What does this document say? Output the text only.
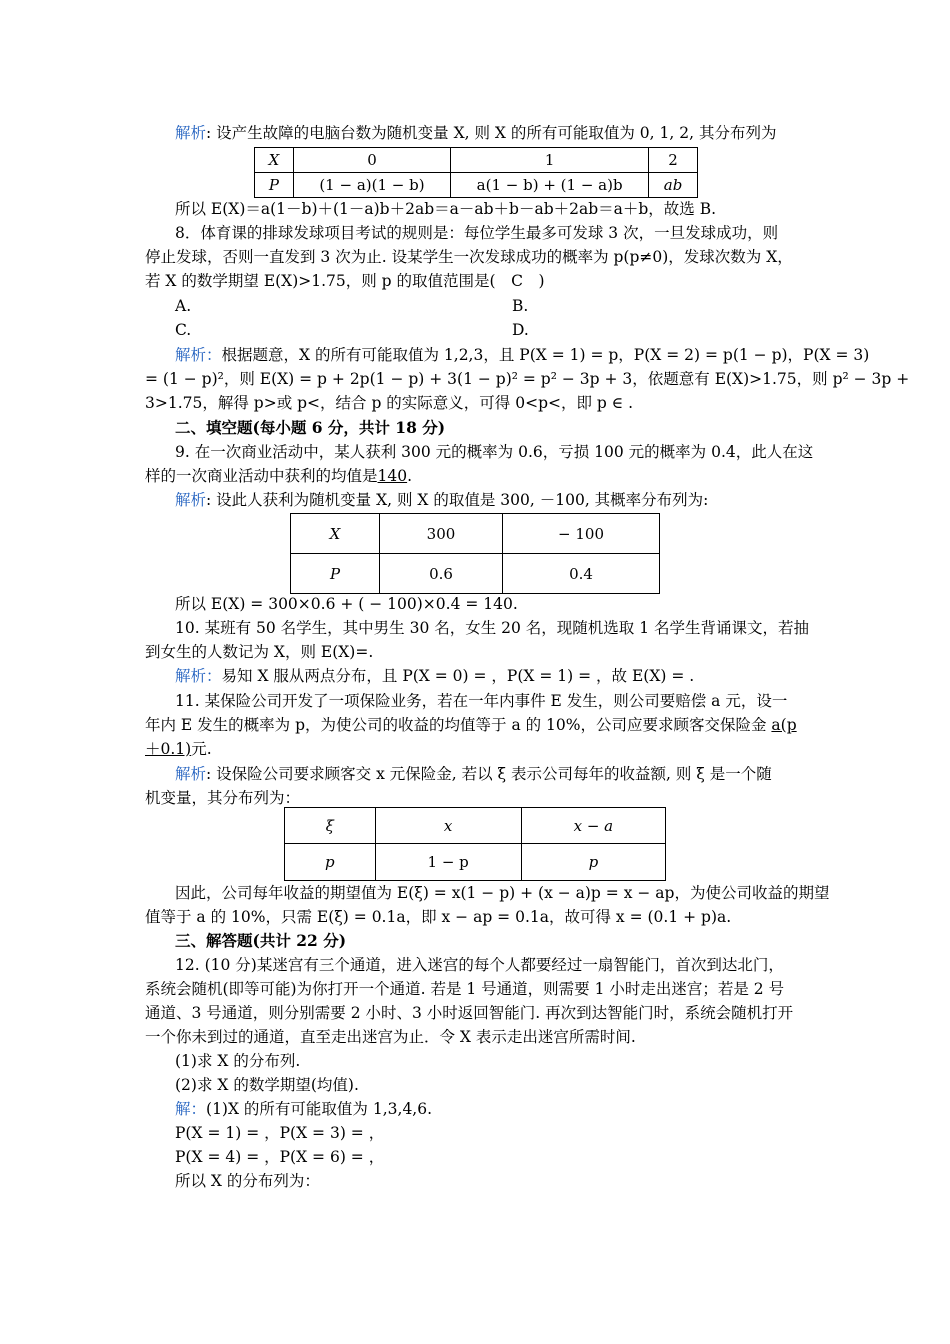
解析: 设产生故障的电脑台数为随机变量 X, 则 X 的所有可能取值为 0, 1, 2, 其分布列为
X	0	1	2
P	(1 − a)(1 − b)	a(1 − b) + (1 − a)b	ab
所以 E(X)＝a(1－b)＋(1－a)b＋2ab＝a－ab＋b－ab＋2ab＝a＋b，故选 B.
8．体育课的排球发球项目考试的规则是：每位学生最多可发球 3 次，一旦发球成功，则
停止发球，否则一直发到 3 次为止. 设某学生一次发球成功的概率为 p(p≠0)，发球次数为 X，
若 X 的数学期望 E(X)>1.75，则 p 的取值范围是(　C　)
A.	B.
C.	D.
解析：根据题意，X 的所有可能取值为 1,2,3，且 P(X = 1) = p，P(X = 2) = p(1 − p)，P(X = 3)
= (1 − p)²，则 E(X) = p + 2p(1 − p) + 3(1 − p)² = p² − 3p + 3，依题意有 E(X)>1.75，则 p² − 3p +
3>1.75，解得 p>或 p<，结合 p 的实际意义，可得 0<p<，即 p ∈ .
二、填空题(每小题 6 分，共计 18 分)
9. 在一次商业活动中，某人获利 300 元的概率为 0.6，亏损 100 元的概率为 0.4，此人在这
样的一次商业活动中获利的均值是140.
解析: 设此人获利为随机变量 X, 则 X 的取值是 300, －100, 其概率分布列为:
X	300	− 100
P	0.6	0.4
所以 E(X) = 300×0.6 + ( − 100)×0.4 = 140.
10. 某班有 50 名学生，其中男生 30 名，女生 20 名，现随机选取 1 名学生背诵课文，若抽
到女生的人数记为 X，则 E(X)=.
解析：易知 X 服从两点分布，且 P(X = 0) = ，P(X = 1) = ，故 E(X) = .
11. 某保险公司开发了一项保险业务，若在一年内事件 E 发生，则公司要赔偿 a 元，设一
年内 E 发生的概率为 p，为使公司的收益的均值等于 a 的 10%，公司应要求顾客交保险金 a(p
＋0.1)元.
解析: 设保险公司要求顾客交 x 元保险金, 若以 ξ 表示公司每年的收益额, 则 ξ 是一个随
机变量，其分布列为：
ξ	x	x − a
p	1 − p	p
因此，公司每年收益的期望值为 E(ξ) = x(1 − p) + (x − a)p = x − ap，为使公司收益的期望
值等于 a 的 10%，只需 E(ξ) = 0.1a，即 x − ap = 0.1a，故可得 x = (0.1 + p)a.
三、解答题(共计 22 分)
12. (10 分)某迷宫有三个通道，进入迷宫的每个人都要经过一扇智能门，首次到达北门，
系统会随机(即等可能)为你打开一个通道. 若是 1 号通道，则需要 1 小时走出迷宫；若是 2 号
通道、3 号通道，则分别需要 2 小时、3 小时返回智能门. 再次到达智能门时，系统会随机打开
一个你未到过的通道，直至走出迷宫为止．令 X 表示走出迷宫所需时间.
(1)求 X 的分布列.
(2)求 X 的数学期望(均值).
解：(1)X 的所有可能取值为 1,3,4,6.
P(X = 1) = ，P(X = 3) = ，
P(X = 4) = ，P(X = 6) = ，
所以 X 的分布列为：
